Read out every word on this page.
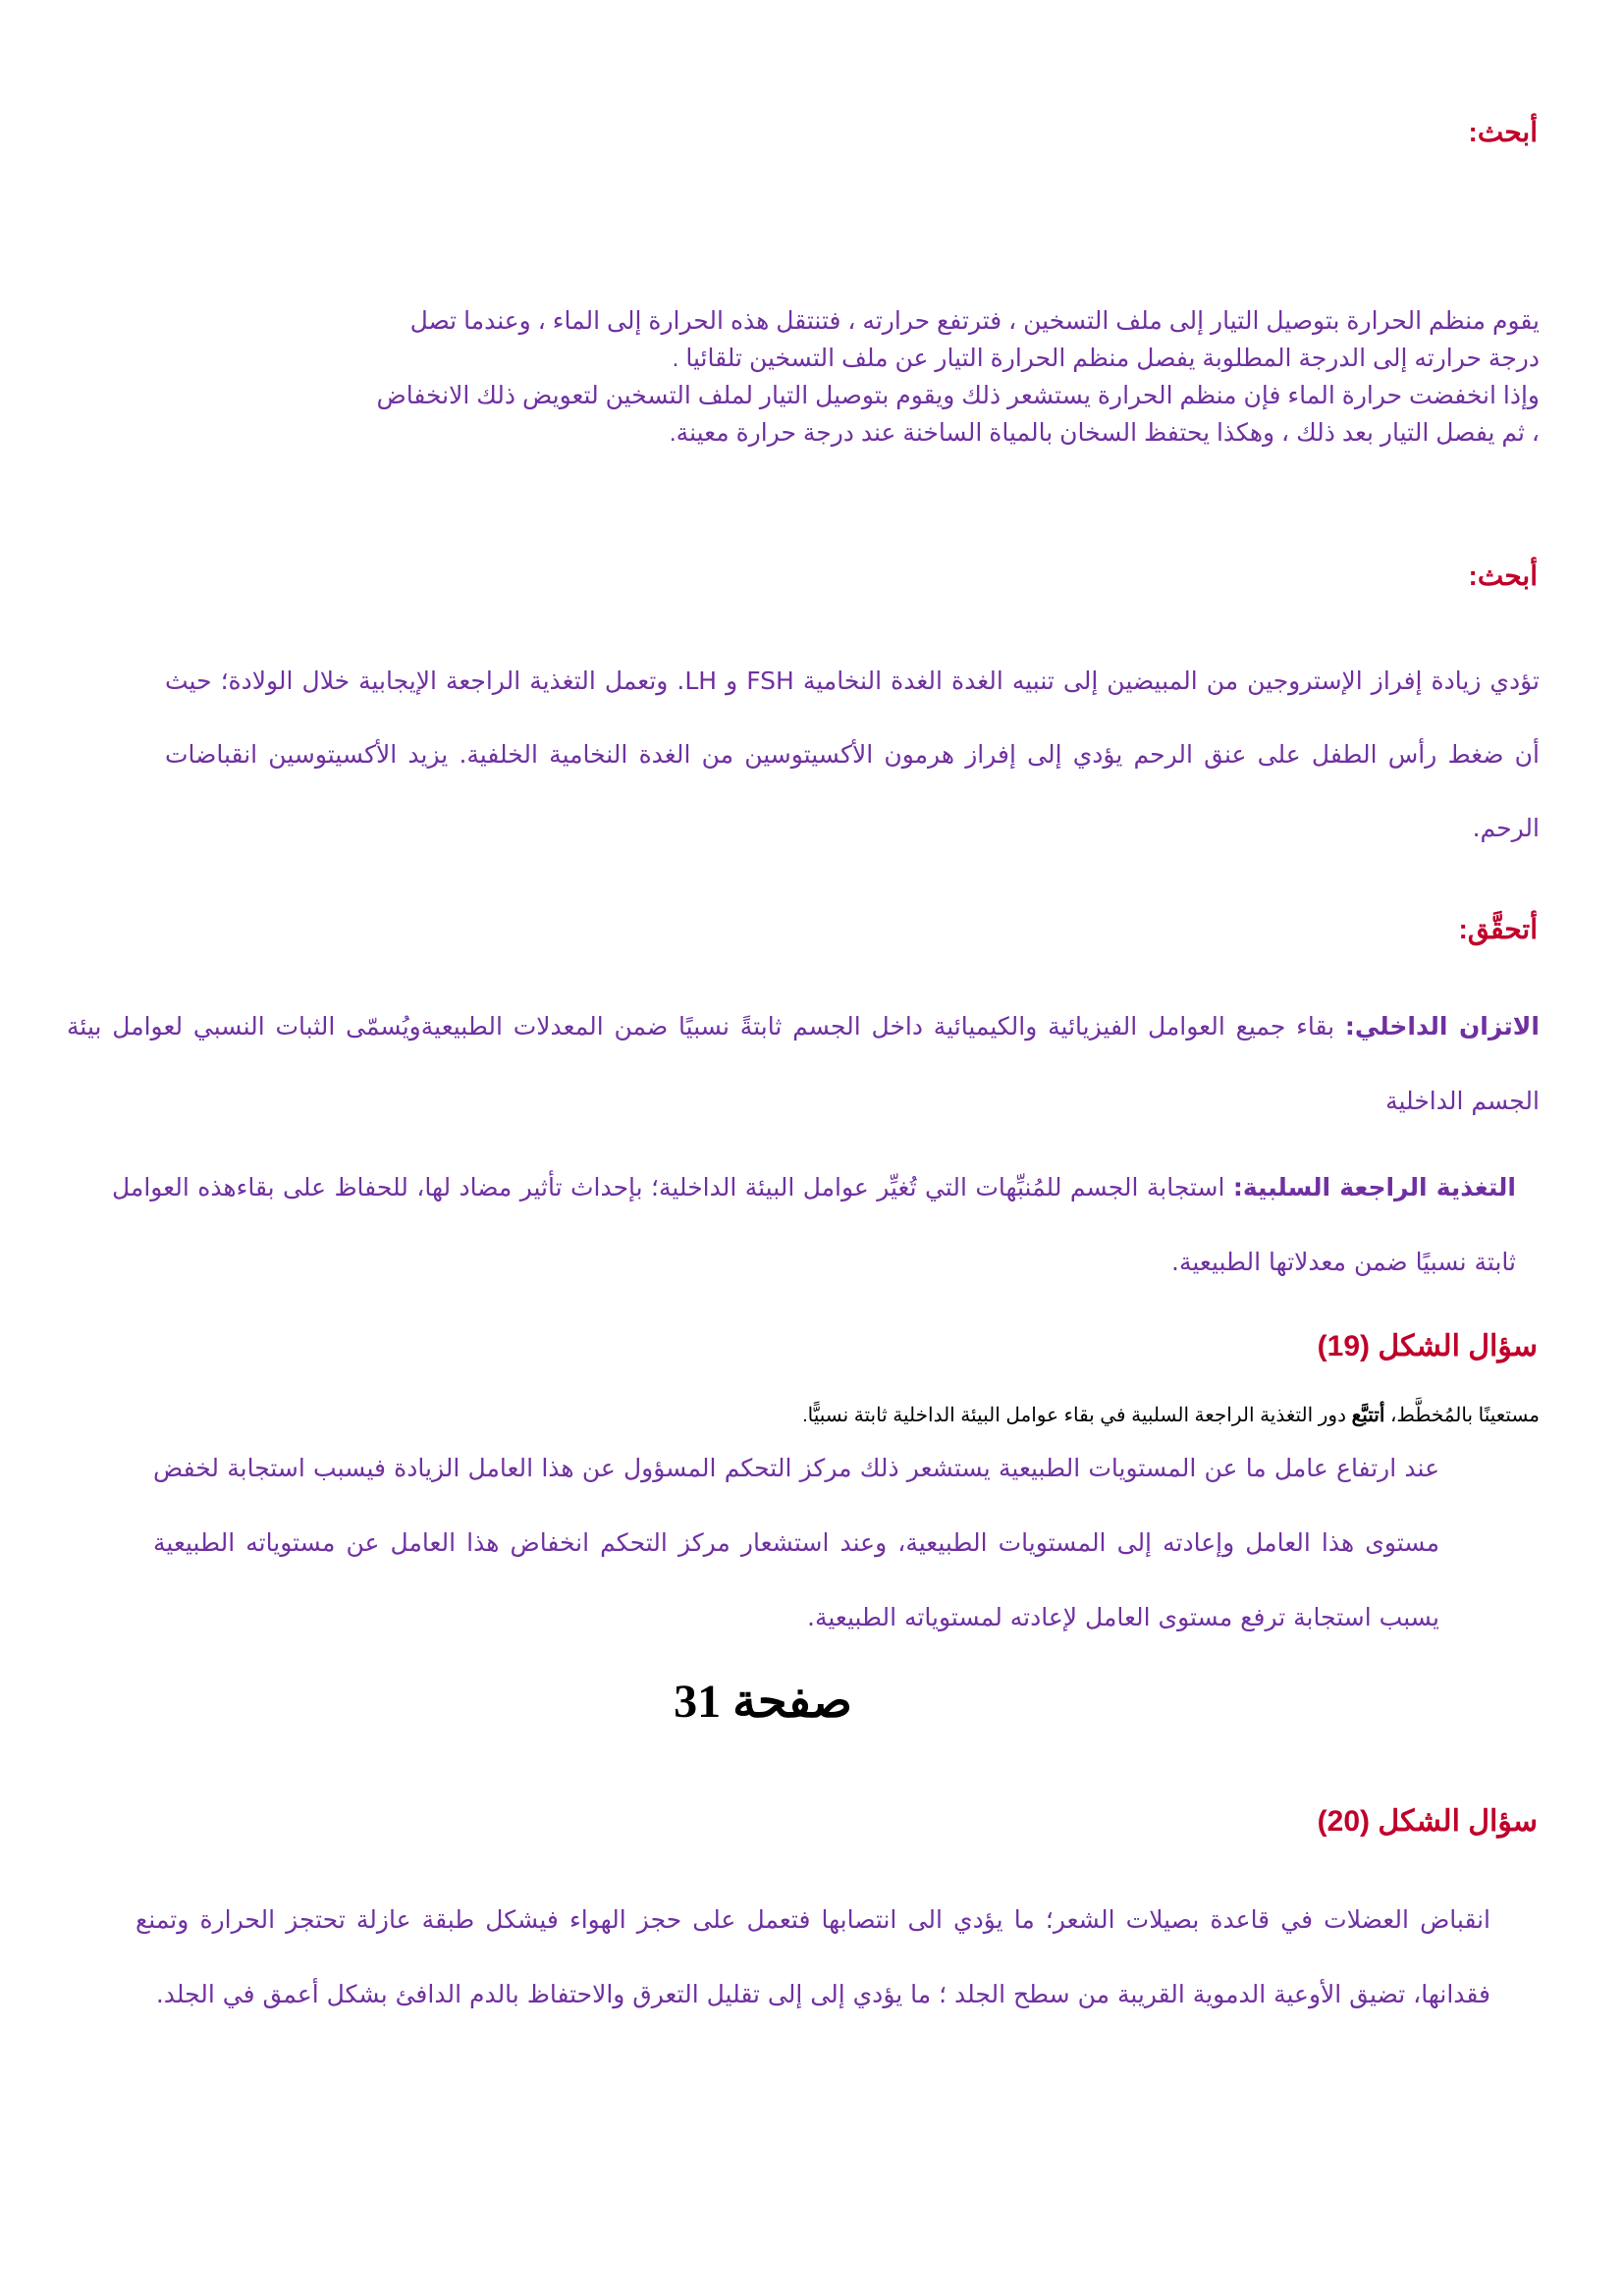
أبحث:
يقوم منظم الحرارة بتوصيل التيار إلى ملف التسخين ، فترتفع حرارته ، فتنتقل هذه الحرارة إلى الماء ، وعندما تصل
درجة حرارته إلى الدرجة المطلوبة يفصل منظم الحرارة التيار عن ملف التسخين تلقائيا .
وإذا انخفضت حرارة الماء فإن منظم الحرارة يستشعر ذلك ويقوم بتوصيل التيار لملف التسخين لتعويض ذلك الانخفاض
، ثم يفصل التيار بعد ذلك ، وهكذا يحتفظ السخان بالمياة الساخنة عند درجة حرارة معينة.
أبحث:
تؤدي زيادة إفراز الإستروجين من المبيضين إلى تنبيه الغدة الغدة النخامية FSH و LH. وتعمل التغذية الراجعة الإيجابية خلال الولادة؛ حيث أن ضغط رأس الطفل على عنق الرحم يؤدي إلى إفراز هرمون الأكسيتوسين من الغدة النخامية الخلفية. يزيد الأكسيتوسين انقباضات الرحم.
أتحقَّق:
الاتزان الداخلي: بقاء جميع العوامل الفيزيائية والكيميائية داخل الجسم ثابتةً نسبيًا ضمن المعدلات الطبيعيةويُسمّى الثبات النسبي لعوامل بيئة الجسم الداخلية
التغذية الراجعة السلبية: استجابة الجسم للمُنبِّهات التي تُغيِّر عوامل البيئة الداخلية؛ بإحداث تأثير مضاد لها، للحفاظ على بقاءهذه العوامل ثابتة نسبيًا ضمن معدلاتها الطبيعية.
سؤال الشكل (19)
مستعينًا بالمُخطَّط، أتتبَّع دور التغذية الراجعة السلبية في بقاء عوامل البيئة الداخلية ثابتة نسبيًّا.
عند ارتفاع عامل ما عن المستويات الطبيعية يستشعر ذلك مركز التحكم المسؤول عن هذا العامل الزيادة فيسبب استجابة لخفض مستوى هذا العامل وإعادته إلى المستويات الطبيعية، وعند استشعار مركز التحكم انخفاض هذا العامل عن مستوياته الطبيعية يسبب استجابة ترفع مستوى العامل لإعادته لمستوياته الطبيعية.
صفحة 31
سؤال الشكل (20)
انقباض العضلات في قاعدة بصيلات الشعر؛ ما يؤدي الى انتصابها فتعمل على حجز الهواء فيشكل طبقة عازلة تحتجز الحرارة وتمنع فقدانها، تضيق الأوعية الدموية القريبة من سطح الجلد ؛ ما يؤدي إلى إلى تقليل التعرق والاحتفاظ بالدم الدافئ بشكل أعمق في الجلد.
